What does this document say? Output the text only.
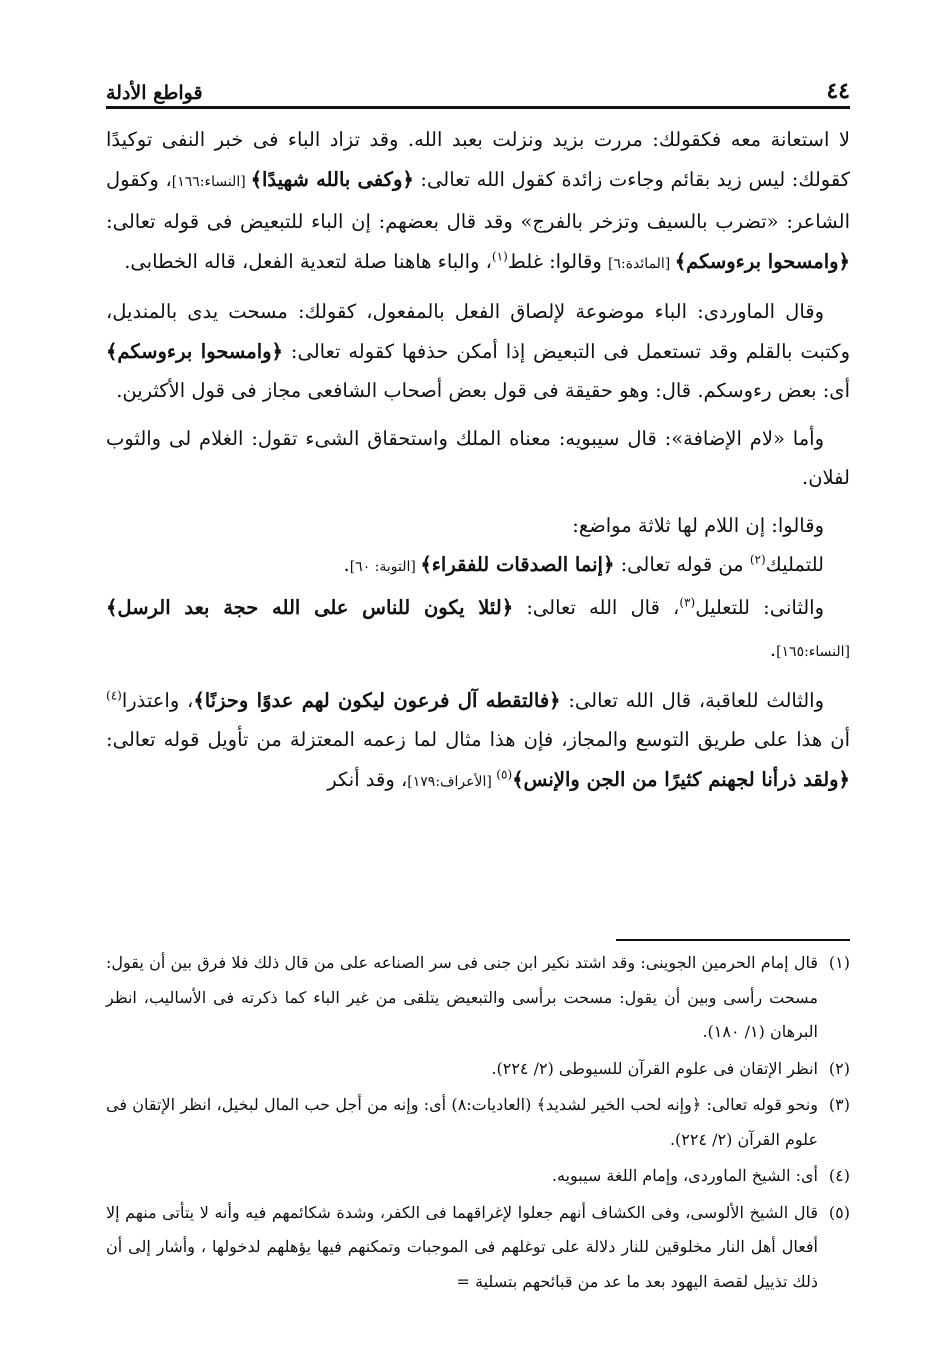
٤٤
قواطع الأدلة

لا استعانة معه فكقولك: مررت بزيد ونزلت بعبد الله. وقد تزاد الباء فى خبر النفى توكيدًا كقولك: ليس زيد بقائم وجاءت زائدة كقول الله تعالى: ﴿وكفى بالله شهيدًا﴾ [النساء:١٦٦]، وكقول الشاعر: «تضرب بالسيف وتزخر بالفرج» وقد قال بعضهم: إن الباء للتبعيض فى قوله تعالى: ﴿وامسحوا برءوسكم﴾ [المائدة:٦] وقالوا: غلط$^{(١)}$، والباء هاهنا صلة لتعدية الفعل، قاله الخطابى.

وقال الماوردى: الباء موضوعة لإلصاق الفعل بالمفعول، كقولك: مسحت يدى بالمنديل، وكتبت بالقلم وقد تستعمل فى التبعيض إذا أمكن حذفها كقوله تعالى: ﴿وامسحوا برءوسكم﴾ أى: بعض رءوسكم. قال: وهو حقيقة فى قول بعض أصحاب الشافعى مجاز فى قول الأكثرين.

وأما «لام الإضافة»: قال سيبويه: معناه الملك واستحقاق الشىء تقول: الغلام لى والثوب لفلان.

وقالوا: إن اللام لها ثلاثة مواضع:

للتمليك$^{(٢)}$ من قوله تعالى: ﴿إنما الصدقات للفقراء﴾ [التوبة: ٦٠].

والثانى: للتعليل$^{(٣)}$، قال الله تعالى: ﴿لئلا يكون للناس على الله حجة بعد الرسل﴾ [النساء:١٦٥].

والثالث للعاقبة، قال الله تعالى: ﴿فالتقطه آل فرعون ليكون لهم عدوًا وحزنًا﴾، واعتذرا$^{(٤)}$ أن هذا على طريق التوسع والمجاز، فإن هذا مثال لما زعمه المعتزلة من تأويل قوله تعالى: ﴿ولقد ذرأنا لجهنم كثيرًا من الجن والإنس﴾$^{(٥)}$ [الأعراف:١٧٩]، وقد أنكر

(١)
قال إمام الحرمين الجوينى: وقد اشتد نكير ابن جنى فى سر الصناعه على من قال ذلك فلا فرق بين أن يقول: مسحت رأسى وبين أن يقول: مسحت برأسى والتبعيض يتلقى من غير الباء كما ذكرته فى الأساليب، انظر البرهان (١/ ١٨٠).

(٢)
انظر الإتقان فى علوم القرآن للسيوطى (٢/ ٢٢٤).

(٣)
ونحو قوله تعالى: ﴿وإنه لحب الخير لشديد﴾ (العاديات:٨) أى: وإنه من أجل حب المال لبخيل، انظر الإتقان فى علوم القرآن (٢/ ٢٢٤).

(٤)
أى: الشيخ الماوردى، وإمام اللغة سيبويه.

(٥)
قال الشيخ الألوسى، وفى الكشاف أنهم جعلوا لإغراقهما فى الكفر، وشدة شكائمهم فيه وأنه لا يتأتى منهم إلا أفعال أهل النار مخلوقين للنار دلالة على توغلهم فى الموجبات وتمكنهم فيها يؤهلهم لدخولها ، وأشار إلى أن ذلك تذييل لقصة اليهود بعد ما عد من قبائحهم بتسلية =
